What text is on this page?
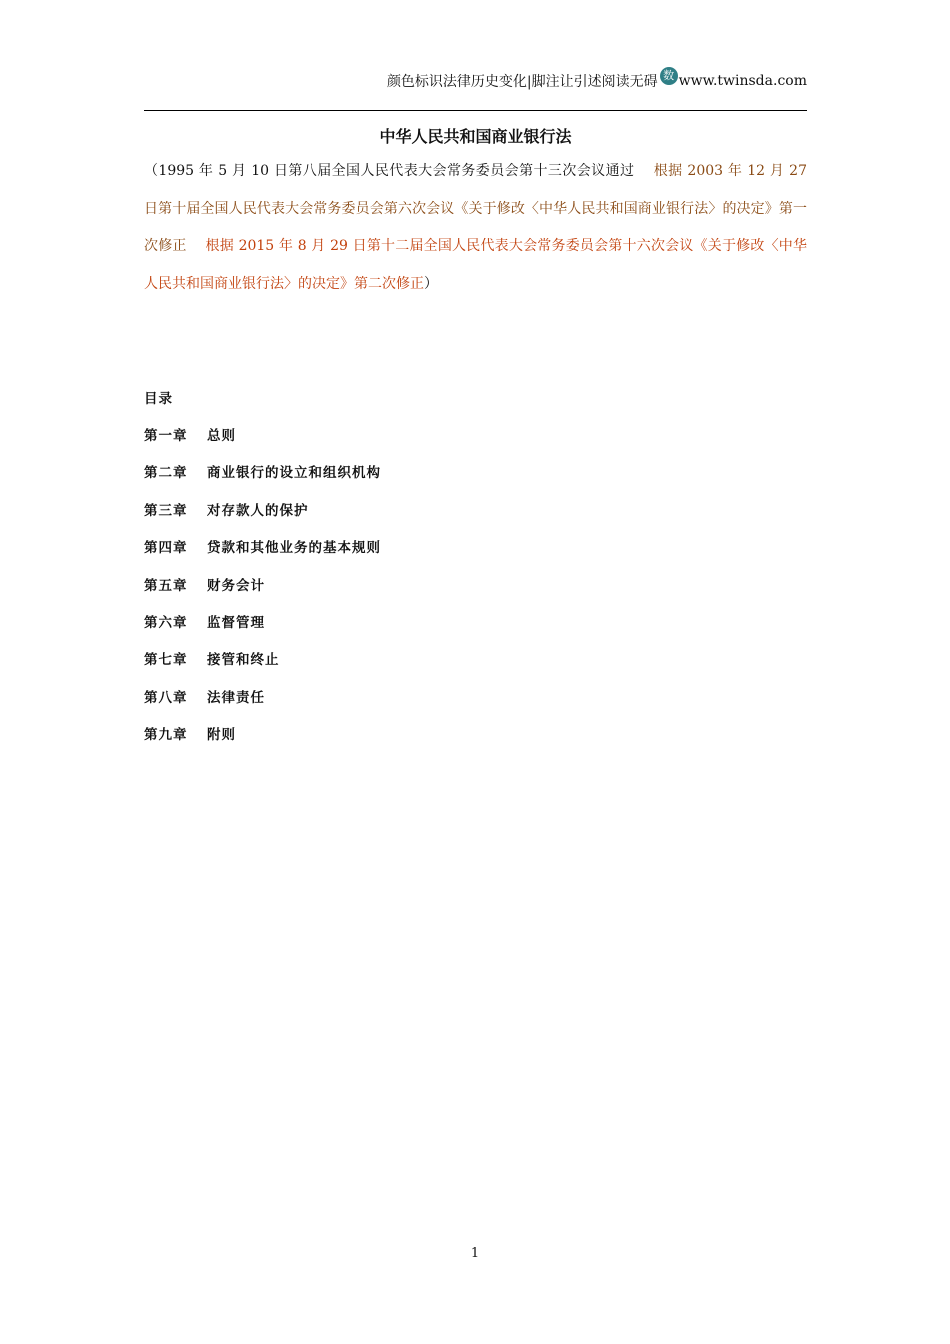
颜色标识法律历史变化|脚注让引述阅读无碍 数 www.twinsda.com
中华人民共和国商业银行法
（1995 年 5 月 10 日第八届全国人民代表大会常务委员会第十三次会议通过　 根据 2003 年 12 月 27 日第十届全国人民代表大会常务委员会第六次会议《关于修改〈中华人民共和国商业银行法〉的决定》第一次修正　 根据 2015 年 8 月 29 日第十二届全国人民代表大会常务委员会第十六次会议《关于修改〈中华人民共和国商业银行法〉的决定》第二次修正）
目录
第一章 总则
第二章 商业银行的设立和组织机构
第三章 对存款人的保护
第四章 贷款和其他业务的基本规则
第五章 财务会计
第六章 监督管理
第七章 接管和终止
第八章 法律责任
第九章 附则
1
